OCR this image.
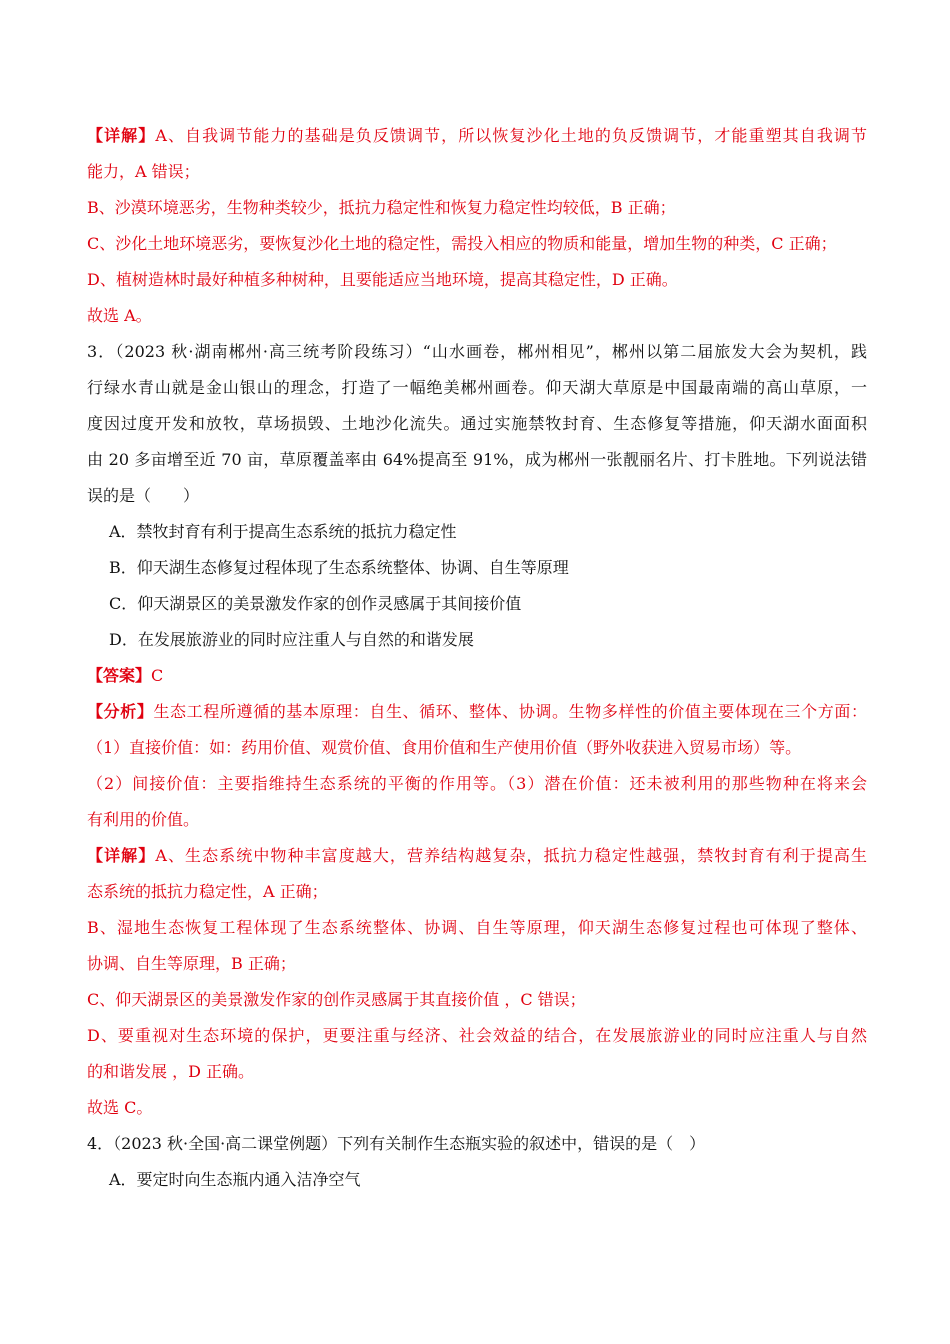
【详解】A、自我调节能力的基础是负反馈调节，所以恢复沙化土地的负反馈调节，才能重塑其自我调节
能力，A 错误；
B、沙漠环境恶劣，生物种类较少，抵抗力稳定性和恢复力稳定性均较低，B 正确；
C、沙化土地环境恶劣，要恢复沙化土地的稳定性，需投入相应的物质和能量，增加生物的种类，C 正确；
D、植树造林时最好种植多种树种，且要能适应当地环境，提高其稳定性，D 正确。
故选 A。
3．（2023 秋·湖南郴州·高三统考阶段练习）“山水画卷，郴州相见”，郴州以第二届旅发大会为契机，践
行绿水青山就是金山银山的理念，打造了一幅绝美郴州画卷。仰天湖大草原是中国最南端的高山草原，一
度因过度开发和放牧，草场损毁、土地沙化流失。通过实施禁牧封育、生态修复等措施，仰天湖水面面积
由 20 多亩增至近 70 亩，草原覆盖率由 64%提高至 91%，成为郴州一张靓丽名片、打卡胜地。下列说法错
误的是（　　）
A．禁牧封育有利于提高生态系统的抵抗力稳定性
B．仰天湖生态修复过程体现了生态系统整体、协调、自生等原理
C．仰天湖景区的美景激发作家的创作灵感属于其间接价值
D．在发展旅游业的同时应注重人与自然的和谐发展
【答案】C
【分析】生态工程所遵循的基本原理：自生、循环、整体、协调。生物多样性的价值主要体现在三个方面：
（1）直接价值：如：药用价值、观赏价值、食用价值和生产使用价值（野外收获进入贸易市场）等。
（2）间接价值：主要指维持生态系统的平衡的作用等。（3）潜在价值：还未被利用的那些物种在将来会
有利用的价值。
【详解】A、生态系统中物种丰富度越大，营养结构越复杂，抵抗力稳定性越强，禁牧封育有利于提高生
态系统的抵抗力稳定性，A 正确；
B、湿地生态恢复工程体现了生态系统整体、协调、自生等原理，仰天湖生态修复过程也可体现了整体、
协调、自生等原理，B 正确；
C、仰天湖景区的美景激发作家的创作灵感属于其直接价值 ，C 错误；
D、要重视对生态环境的保护，更要注重与经济、社会效益的结合，在发展旅游业的同时应注重人与自然
的和谐发展 ，D 正确。
故选 C。
4．（2023 秋·全国·高二课堂例题）下列有关制作生态瓶实验的叙述中，错误的是（　）
A．要定时向生态瓶内通入洁净空气
